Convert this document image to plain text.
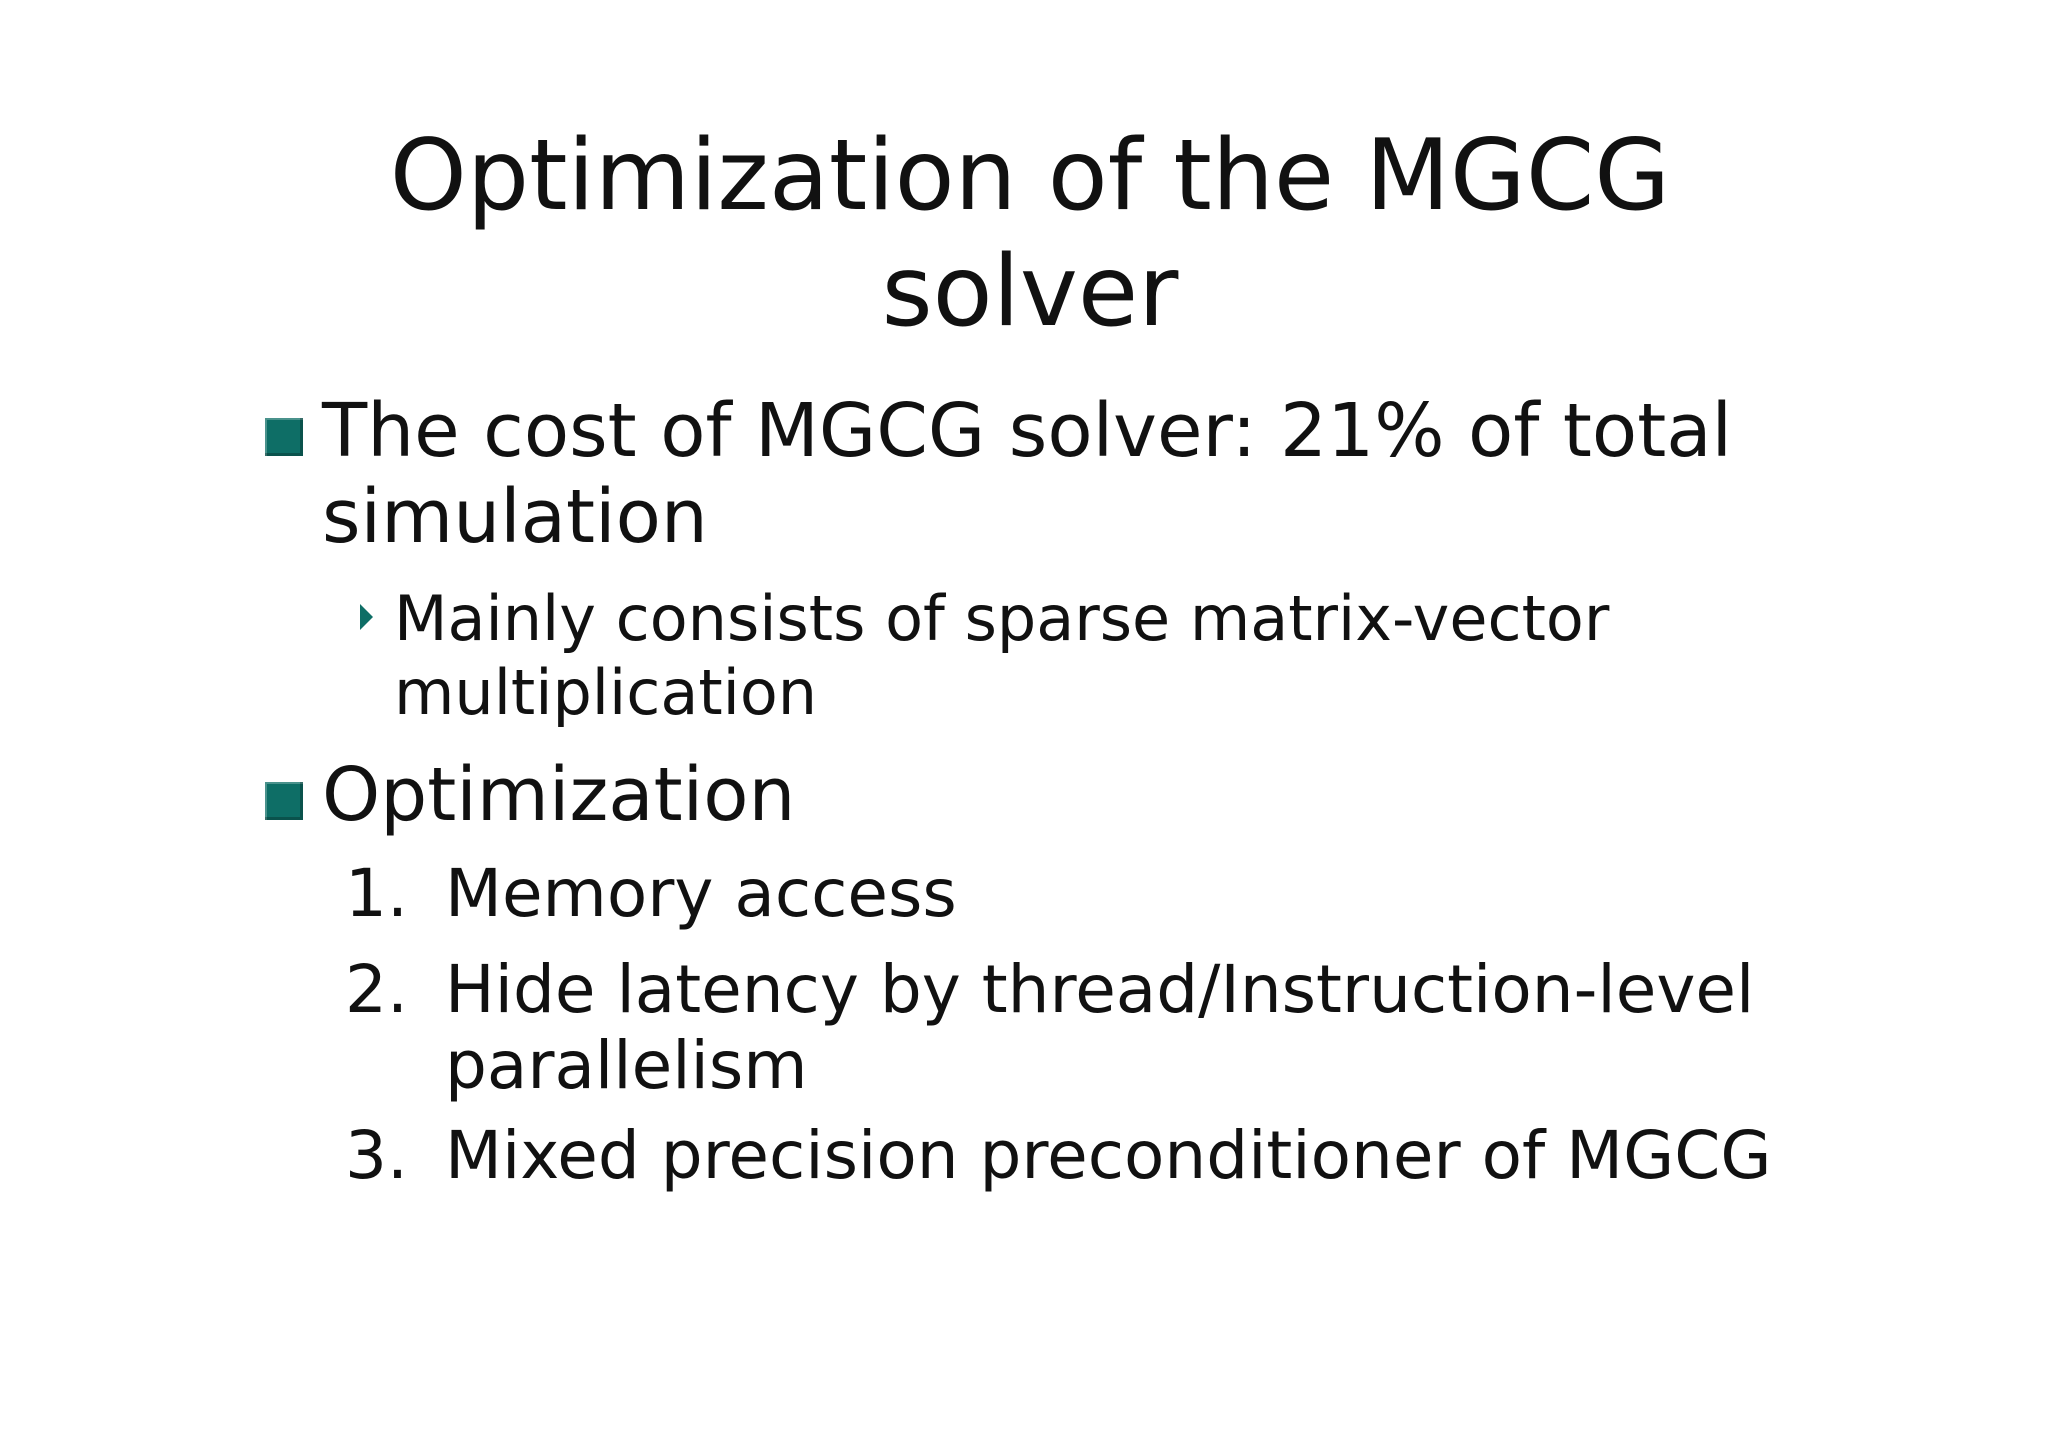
Optimization of the MGCG
solver
The cost of MGCG solver: 21% of total simulation
Mainly consists of sparse matrix-vector multiplication
Optimization
1. Memory access
2. Hide latency by thread/Instruction-level parallelism
3. Mixed precision preconditioner of MGCG
